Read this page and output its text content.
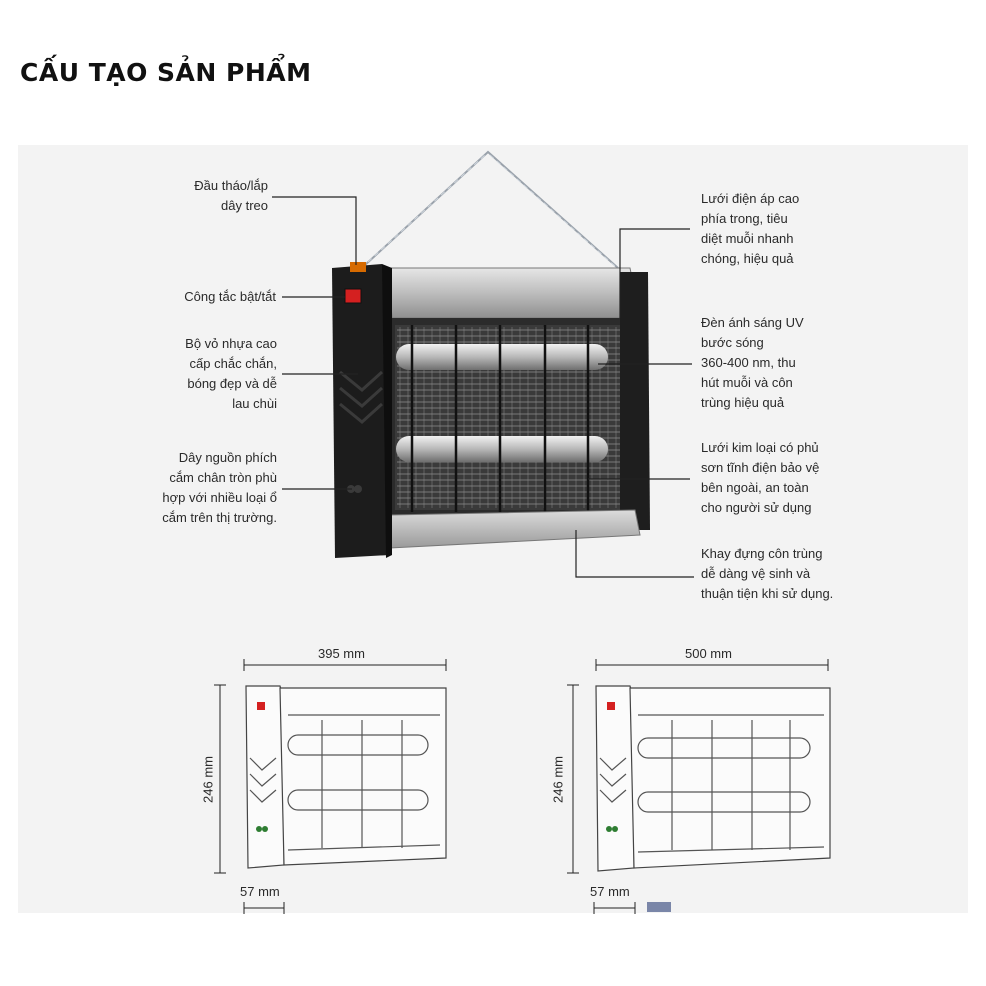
CẤU TẠO SẢN PHẨM
Đầu tháo/lắp
dây treo
Công tắc bật/tắt
Bộ vỏ nhựa cao
cấp chắc chắn,
bóng đẹp và dễ
lau chùi
Dây nguồn phích
cắm chân tròn phù
hợp với nhiều loại ổ
cắm trên thị trường.
Lưới điện áp cao
phía trong, tiêu
diệt muỗi nhanh
chóng, hiệu quả
Đèn ánh sáng UV
bước sóng
360-400 nm, thu
hút muỗi và côn
trùng hiệu quả
Lưới kim loại có phủ
sơn tĩnh điện bảo vệ
bên ngoài, an toàn
cho người sử dụng
Khay đựng côn trùng
dễ dàng vệ sinh và
thuận tiện khi sử dụng.
395 mm
246 mm
57 mm
500 mm
246 mm
57 mm
